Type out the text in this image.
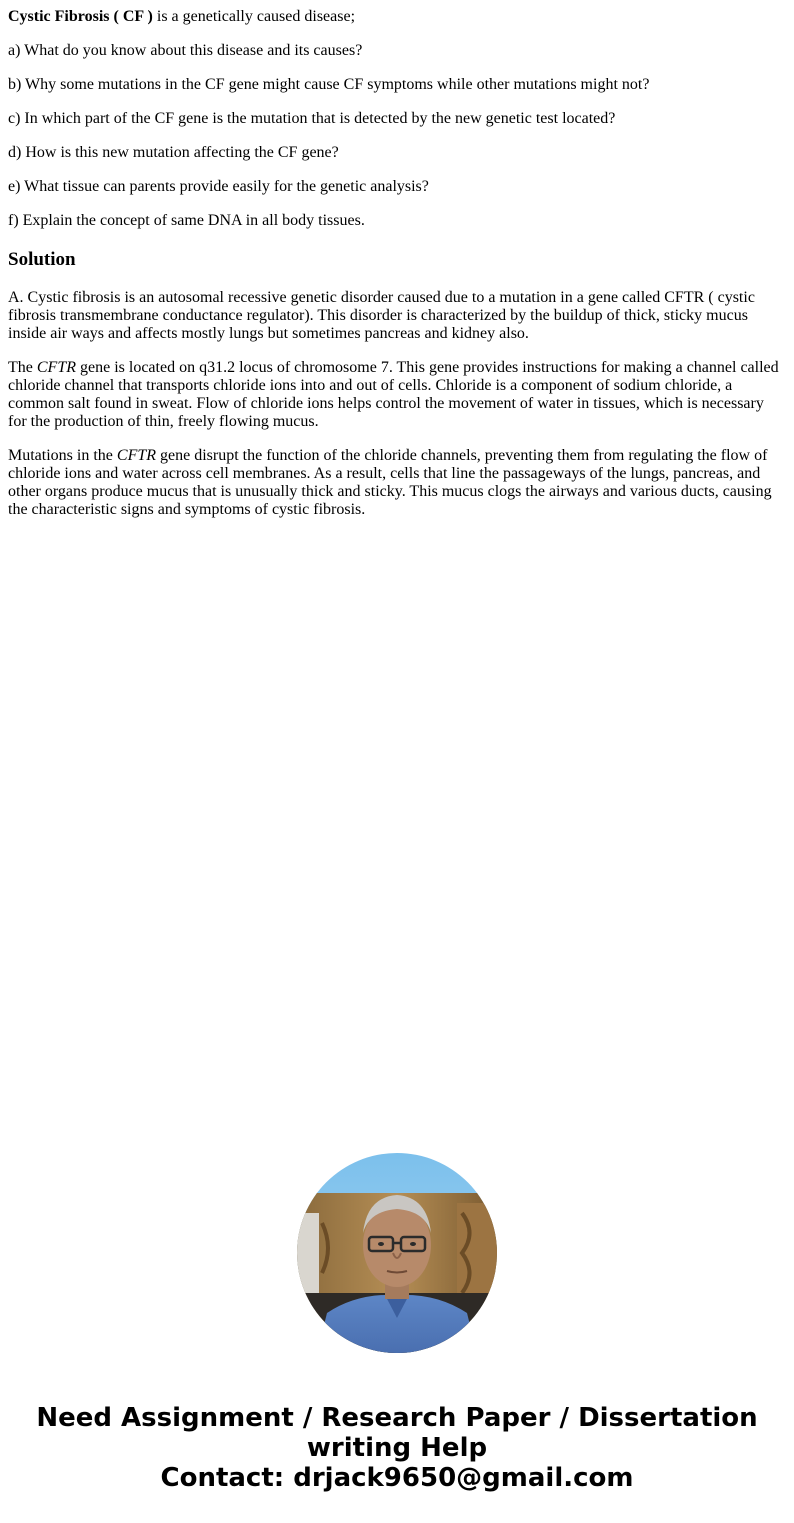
Cystic Fibrosis ( CF ) is a genetically caused disease;

a) What do you know about this disease and its causes?

b) Why some mutations in the CF gene might cause CF symptoms while other mutations might not?

c) In which part of the CF gene is the mutation that is detected by the new genetic test located?

d) How is this new mutation affecting the CF gene?

e) What tissue can parents provide easily for the genetic analysis?

f) Explain the concept of same DNA in all body tissues.

Solution

A. Cystic fibrosis is an autosomal recessive genetic disorder caused due to a mutation in a gene called CFTR ( cystic fibrosis transmembrane conductance regulator). This disorder is characterized by the buildup of thick, sticky mucus inside air ways and affects mostly lungs but sometimes pancreas and kidney also.

The CFTR gene is located on q31.2 locus of chromosome 7. This gene provides instructions for making a channel called chloride channel that transports chloride ions into and out of cells. Chloride is a component of sodium chloride, a common salt found in sweat. Flow of chloride ions helps control the movement of water in tissues, which is necessary for the production of thin, freely flowing mucus.

Mutations in the CFTR gene disrupt the function of the chloride channels, preventing them from regulating the flow of chloride ions and water across cell membranes. As a result, cells that line the passageways of the lungs, pancreas, and other organs produce mucus that is unusually thick and sticky. This mucus clogs the airways and various ducts, causing the characteristic signs and symptoms of cystic fibrosis.

Need Assignment / Research Paper / Dissertation
writing Help
Contact: drjack9650@gmail.com
